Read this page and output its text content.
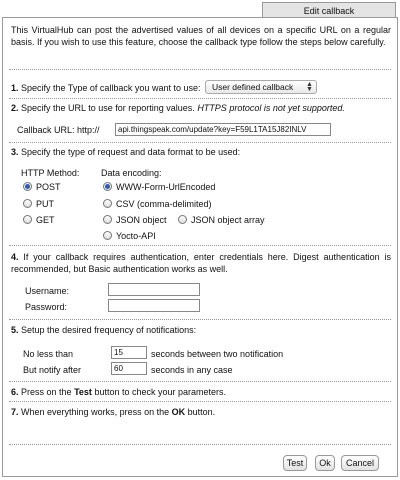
Edit callback
This VirtualHub can post the advertised values of all devices on a specific URL on a regular basis. If you wish to use this feature, choose the callback type follow the steps below carefully.
1. Specify the Type of callback you want to use:	User defined callback ▲
▼
2. Specify the URL to use for reporting values. HTTPS protocol is not yet supported.
Callback URL: http://	api.thingspeak.com/update?key=F59L1TA15J82INLV
3. Specify the type of request and data format to be used:
HTTP Method: Data encoding:
POST
PUT
GET
WWW-Form-UrlEncoded
CSV (comma-delimited)
JSON object	JSON object array
Yocto-API
4. If your callback requires authentication, enter credentials here. Digest authentication is recommended, but Basic authentication works as well.
Username:
Password:
5. Setup the desired frequency of notifications:
No less than	15	seconds between two notification
But notify after	60	seconds in any case
6. Press on the Test button to check your parameters.
7. When everything works, press on the OK button.
Test	Ok	Cancel
